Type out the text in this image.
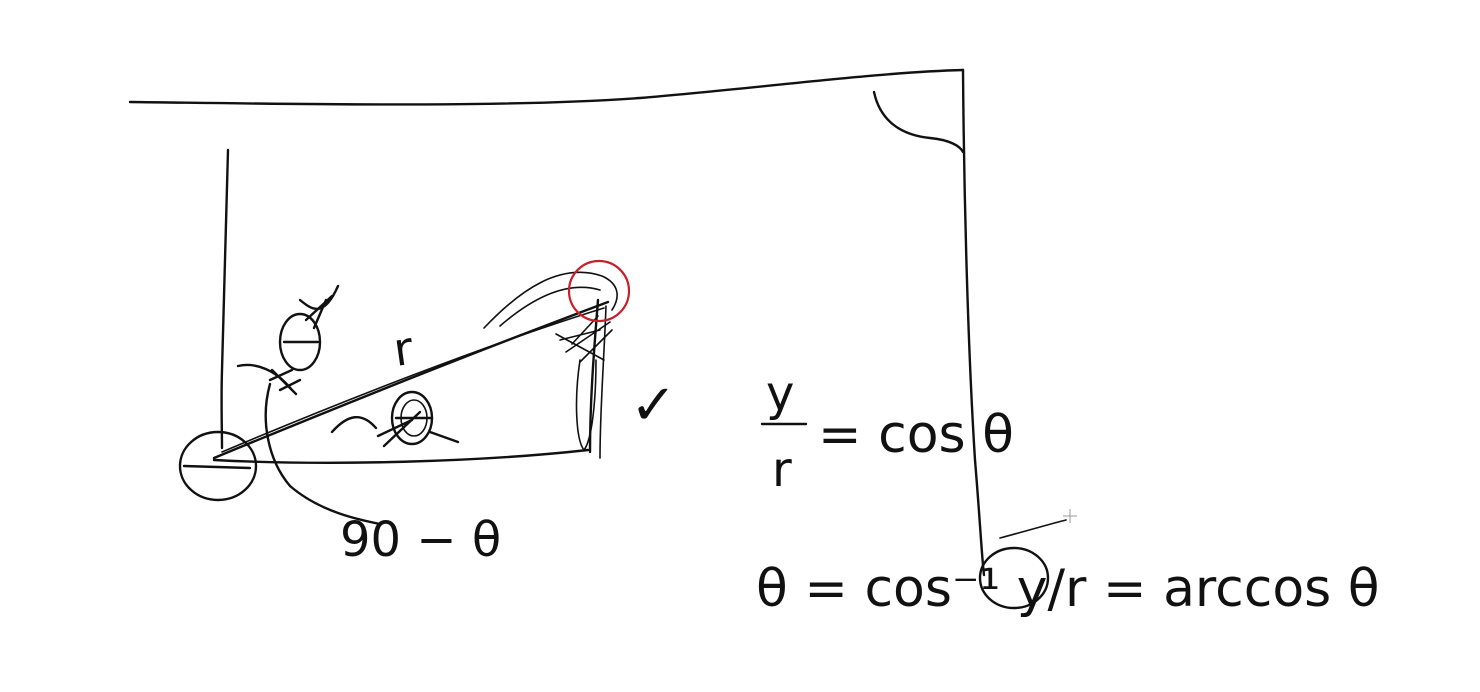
r
90 − θ
✓ y
r
= cos θ
θ = cos⁻¹ y/r = arccos θ
